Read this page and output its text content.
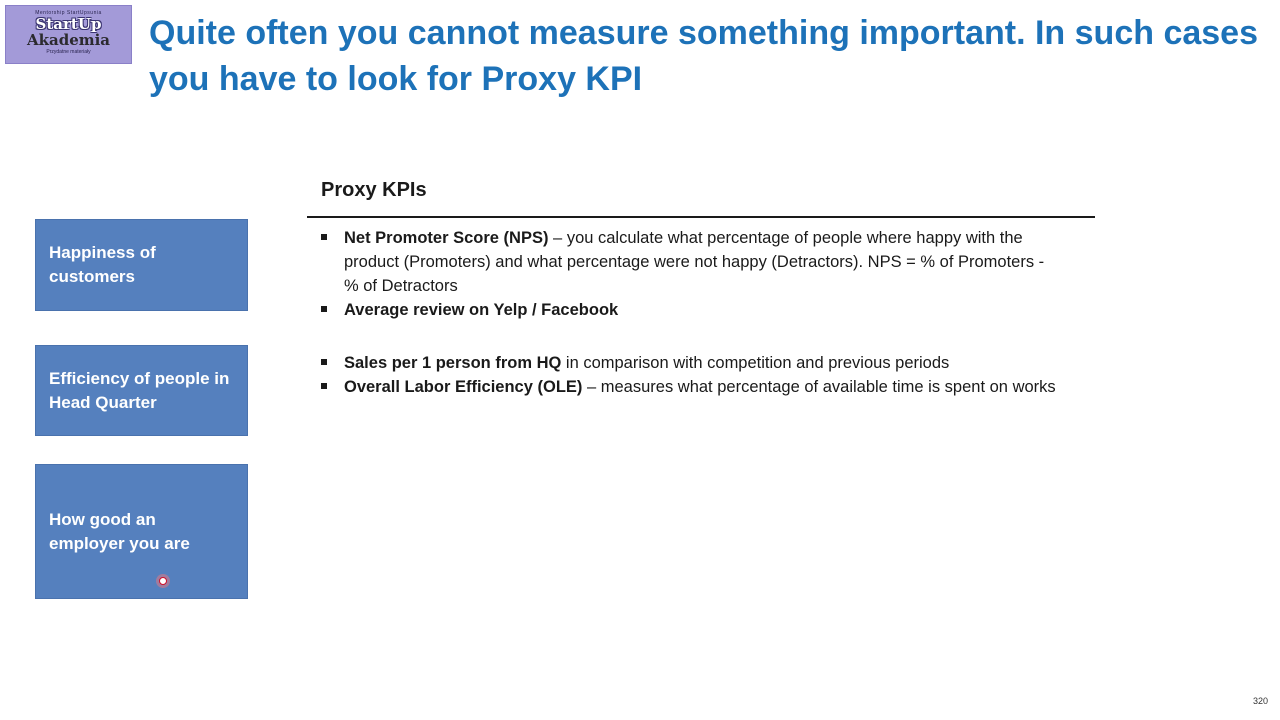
Mentorship StartUpsunia
StartUp
Akademia
Przydatne materiały	Quite often you cannot measure something important. In such cases you have to look for Proxy KPI
Proxy KPIs
Happiness of
customers
Efficiency of people in
Head Quarter
How good an
employer you are
Net Promoter Score (NPS) – you calculate what percentage of people where happy with the product (Promoters) and what percentage were not happy (Detractors). NPS = % of Promoters - % of Detractors
Average review on Yelp / Facebook
Sales per 1 person from HQ in comparison with competition and previous periods
Overall Labor Efficiency (OLE) – measures what percentage of available time is spent on works
320
